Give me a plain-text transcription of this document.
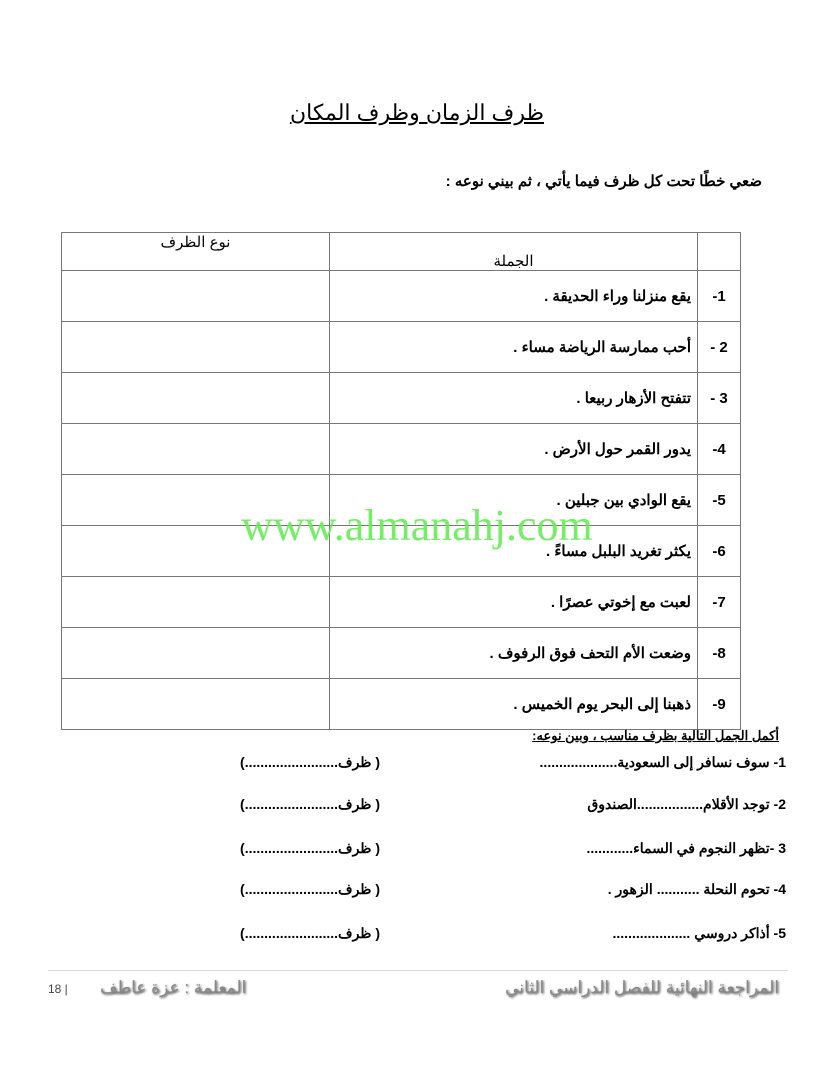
ظرف الزمان وظرف المكان
ضعي خطًا تحت كل ظرف فيما يأتي ، ثم بيني نوعه :
	الجملة	نوع الظرف
1-	يقع منزلنا وراء الحديقة .	
2 -	أحب ممارسة الرياضة مساء .	
3 -	تتفتح الأزهار ربيعا .	
4-	يدور القمر حول الأرض .	
5-	يقع الوادي بين جبلين .	
6-	يكثر تغريد البلبل مساءً .	
7-	لعبت مع إخوتي عصرًا .	
8-	وضعت الأم التحف فوق الرفوف .	
9-	ذهبنا إلى البحر يوم الخميس .	
www.almanahj.com
أكمل الجمل التالية بظرف مناسب ، وبين نوعه:
1- سوف نسافر إلى السعودية....................
( ظرف........................)
2- توجد الأقلام.................الصندوق
( ظرف........................)
3 -تظهر النجوم في السماء............
( ظرف........................)
4- تحوم النحلة ........... الزهور .
( ظرف........................)
5- أذاكر دروسي ....................
( ظرف........................)
المراجعة النهائية للفصل الدراسي الثاني
المعلمة : عزة عاطف
18 |
